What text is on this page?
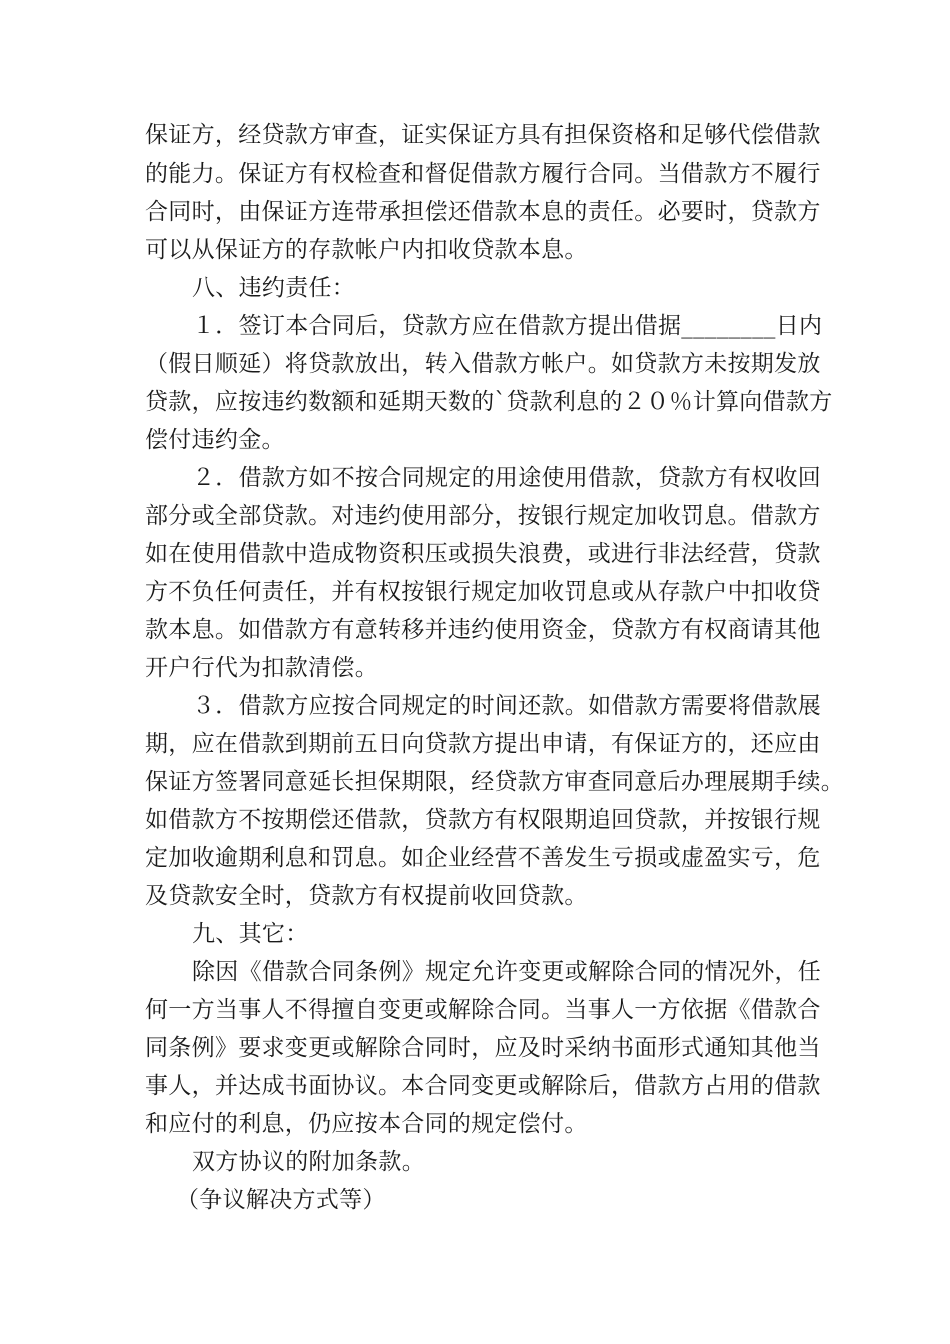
保证方，经贷款方审查，证实保证方具有担保资格和足够代偿借款
的能力。保证方有权检查和督促借款方履行合同。当借款方不履行
合同时，由保证方连带承担偿还借款本息的责任。必要时，贷款方
可以从保证方的存款帐户内扣收贷款本息。
八、违约责任：
１．签订本合同后，贷款方应在借款方提出借据________日内
（假日顺延）将贷款放出，转入借款方帐户。如贷款方未按期发放
贷款，应按违约数额和延期天数的`贷款利息的２０％计算向借款方
偿付违约金。
２．借款方如不按合同规定的用途使用借款，贷款方有权收回
部分或全部贷款。对违约使用部分，按银行规定加收罚息。借款方
如在使用借款中造成物资积压或损失浪费，或进行非法经营，贷款
方不负任何责任，并有权按银行规定加收罚息或从存款户中扣收贷
款本息。如借款方有意转移并违约使用资金，贷款方有权商请其他
开户行代为扣款清偿。
３．借款方应按合同规定的时间还款。如借款方需要将借款展
期，应在借款到期前五日向贷款方提出申请，有保证方的，还应由
保证方签署同意延长担保期限，经贷款方审查同意后办理展期手续。
如借款方不按期偿还借款，贷款方有权限期追回贷款，并按银行规
定加收逾期利息和罚息。如企业经营不善发生亏损或虚盈实亏，危
及贷款安全时，贷款方有权提前收回贷款。
九、其它：
除因《借款合同条例》规定允许变更或解除合同的情况外，任
何一方当事人不得擅自变更或解除合同。当事人一方依据《借款合
同条例》要求变更或解除合同时，应及时采纳书面形式通知其他当
事人，并达成书面协议。本合同变更或解除后，借款方占用的借款
和应付的利息，仍应按本合同的规定偿付。
双方协议的附加条款。
（争议解决方式等）
